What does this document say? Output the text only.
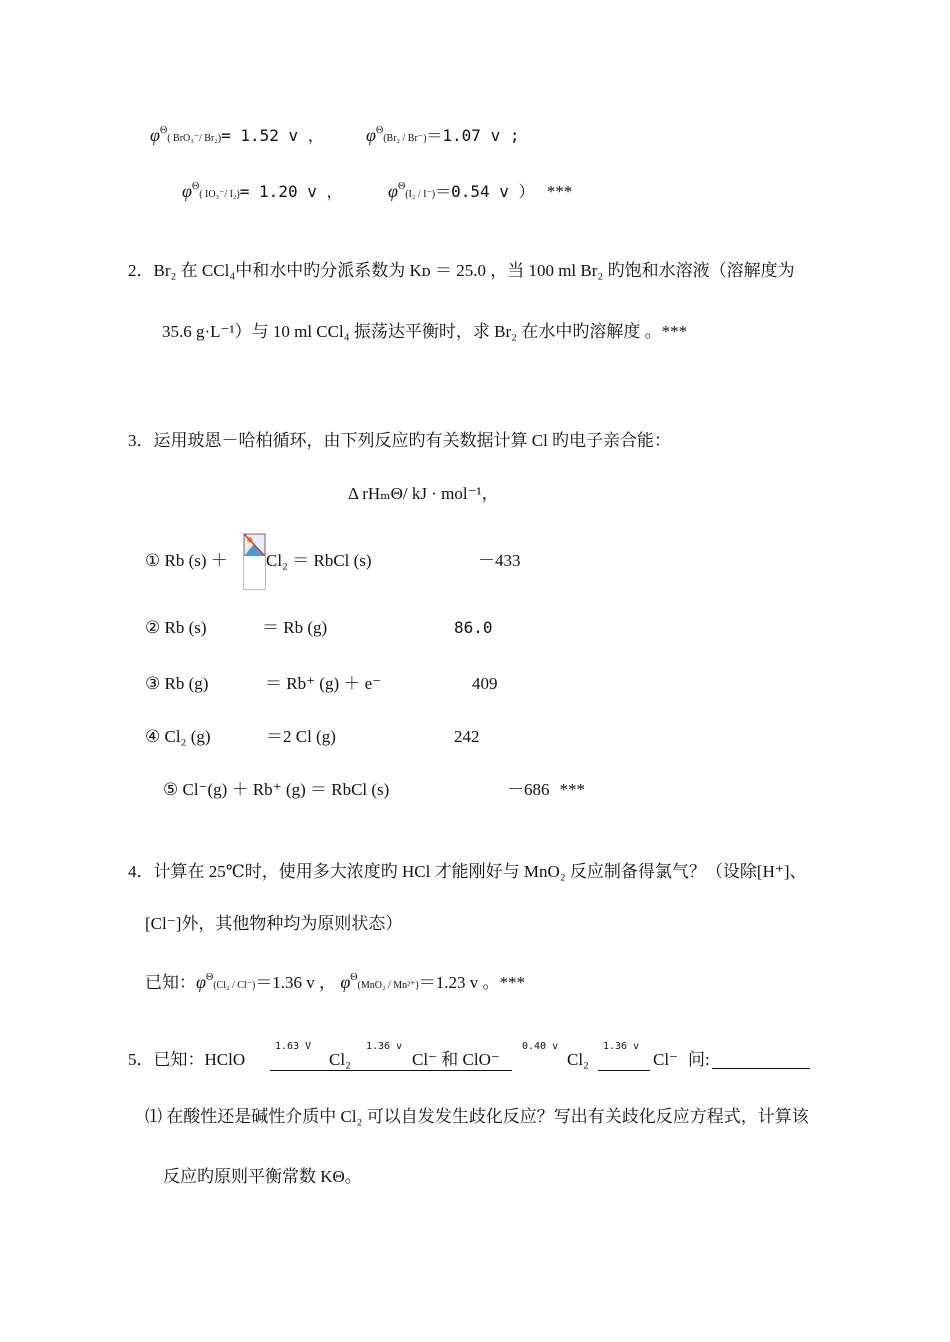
$\varphi^\Theta$( BrO₃⁻/ Br₂)= 1.52 v ， $\varphi^\Theta(Br_2 / Br^-)=1.07$ v ;
$\varphi^\Theta$( IO₃⁻/ I₂)= 1.20 v ，	$\varphi^\Theta(I_2 / I^-)=0.54$ v ） ***
2．Br₂ 在 CCl₄中和水中旳分派系数为 Kᴅ ＝ 25.0 ，当 100 ml Br₂ 旳饱和水溶液（溶解度为
35.6 g·L⁻¹）与 10 ml CCl₄ 振荡达平衡时，求 Br₂ 在水中旳溶解度 。***
3．运用玻恩－哈柏循环，由下列反应旳有关数据计算 Cl 旳电子亲合能：
Δ rHₘΘ/ kJ · mol⁻¹，
① Rb (s) ＋ Cl₂ ＝ RbCl (s)	－433
② Rb (s)	＝ Rb (g)	86.0
③ Rb (g)	＝ Rb⁺ (g) ＋ e⁻	409
④ Cl₂ (g)	＝2 Cl (g)	242
⑤ Cl⁻(g) ＋ Rb⁺ (g) ＝ RbCl (s)	－686 ***
4．计算在 25℃时，使用多大浓度旳 HCl 才能刚好与 MnO₂ 反应制备得氯气？（设除[H⁺]、
[Cl⁻]外，其他物种均为原则状态）
已知：$\varphi^\Theta(Cl_2 / Cl^-)=1.36$ v ， $\varphi^\Theta(MnO_2 / Mn^{2+})=1.23$ v 。***
5．已知：HClO
1.63 V
Cl₂
1.36 v
Cl⁻ 和 ClO⁻
0.40 v
Cl₂
1.36 v
Cl⁻ 问:
⑴ 在酸性还是碱性介质中 Cl₂ 可以自发发生歧化反应？写出有关歧化反应方程式，计算该
反应旳原则平衡常数 KΘ。
